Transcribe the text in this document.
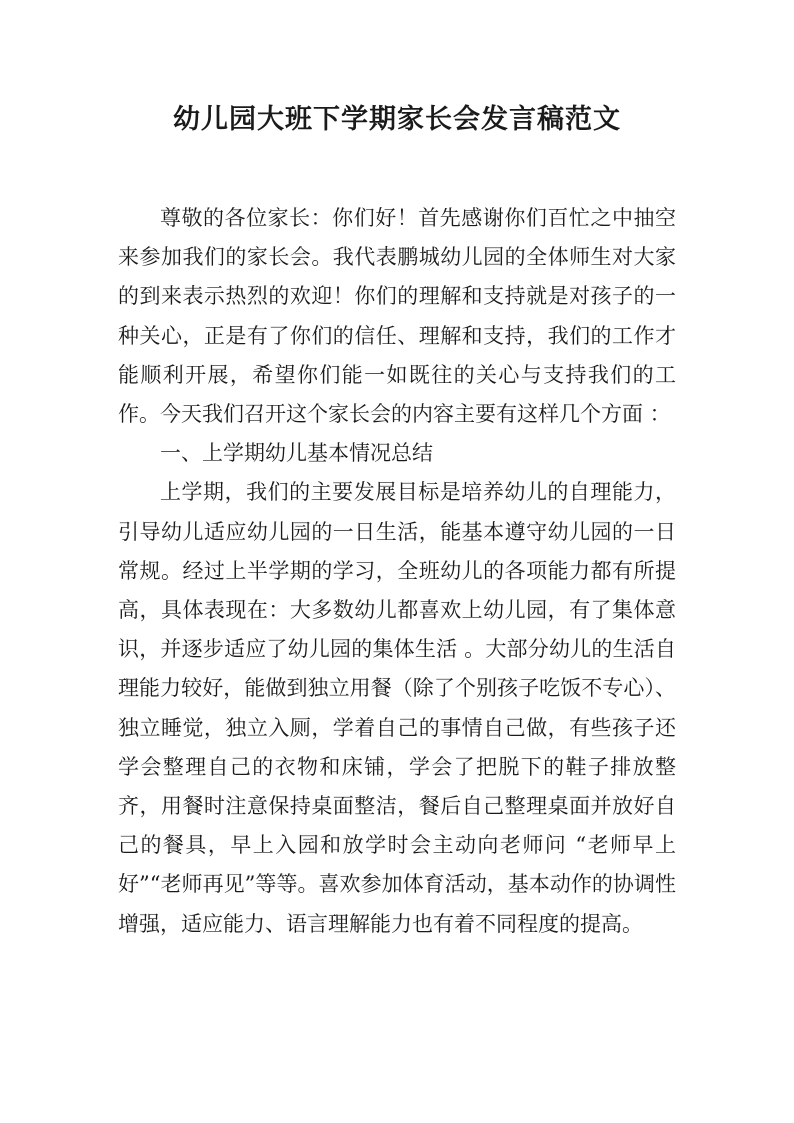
幼儿园大班下学期家长会发言稿范文

尊敬的各位家长：你们好！首先感谢你们百忙之中抽空来参加我们的家长会。我代表鹏城幼儿园的全体师生对大家的到来表示热烈的欢迎！你们的理解和支持就是对孩子的一种关心，正是有了你们的信任、理解和支持，我们的工作才能顺利开展，希望你们能一如既往的关心与支持我们的工作。今天我们召开这个家长会的内容主要有这样几个方面 ：

一、上学期幼儿基本情况总结

上学期，我们的主要发展目标是培养幼儿的自理能力，引导幼儿适应幼儿园的一日生活，能基本遵守幼儿园的一日常规。经过上半学期的学习，全班幼儿的各项能力都有所提高，具体表现在：大多数幼儿都喜欢上幼儿园，有了集体意识，并逐步适应了幼儿园的集体生活 。大部分幼儿的生活自理能力较好，能做到独立用餐（除了个别孩子吃饭不专心）、独立睡觉，独立入厕，学着自己的事情自己做，有些孩子还学会整理自己的衣物和床铺，学会了把脱下的鞋子排放整齐，用餐时注意保持桌面整洁，餐后自己整理桌面并放好自己的餐具，早上入园和放学时会主动向老师问 “老师早上好”“老师再见”等等。喜欢参加体育活动，基本动作的协调性增强，适应能力、语言理解能力也有着不同程度的提高。
